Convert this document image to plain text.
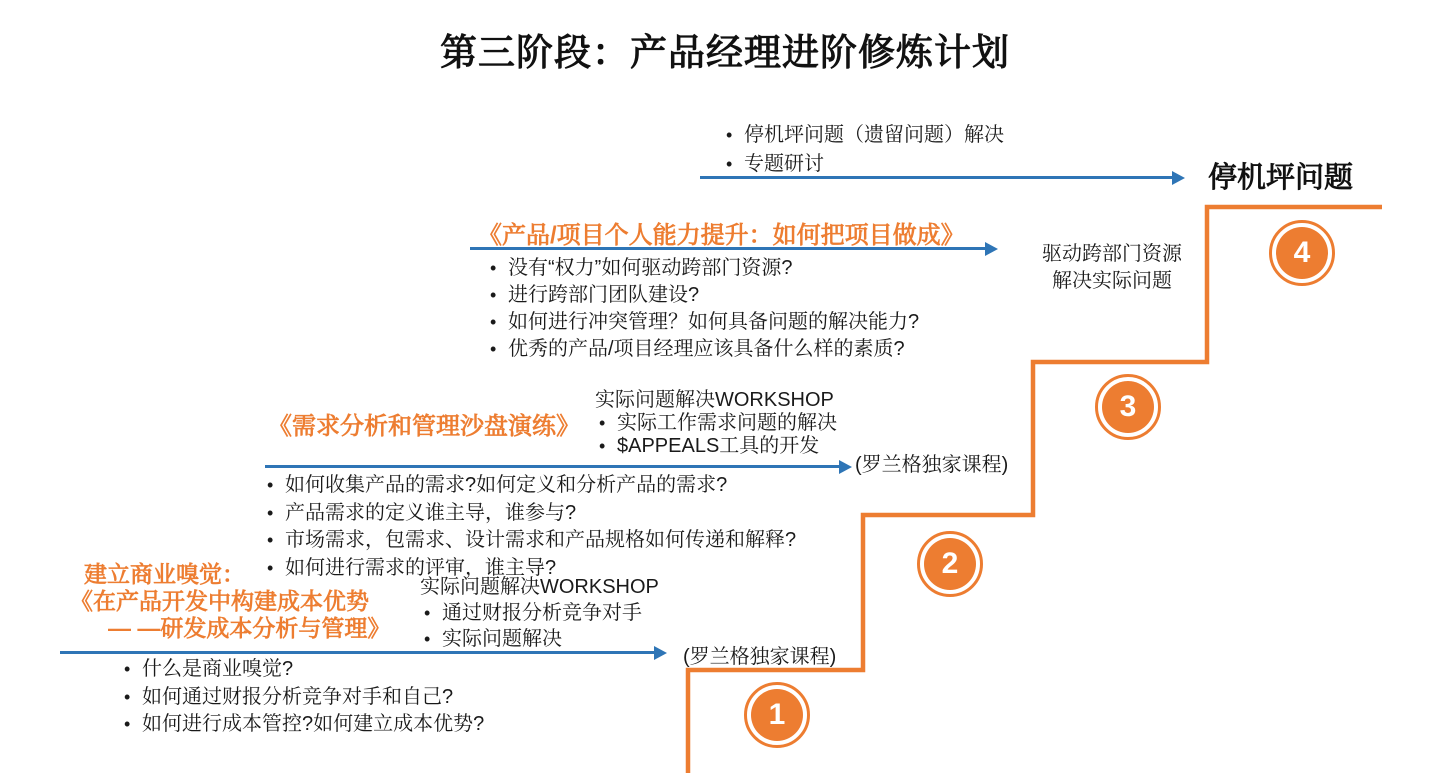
第三阶段：产品经理进阶修炼计划
• 停机坪问题（遗留问题）解决
• 专题研讨	停机坪问题
驱动跨部门资源
解决实际问题
《产品/项目个人能力提升：如何把项目做成》
• 没有“权力”如何驱动跨部门资源?
• 进行跨部门团队建设?
• 如何进行冲突管理？如何具备问题的解决能力?
• 优秀的产品/项目经理应该具备什么样的素质?
《需求分析和管理沙盘演练》
实际问题解决WORKSHOP
• 实际工作需求问题的解决
• $APPEALS工具的开发
(罗兰格独家课程)
• 如何收集产品的需求?如何定义和分析产品的需求?
• 产品需求的定义谁主导，谁参与?
• 市场需求，包需求、设计需求和产品规格如何传递和解释?
• 如何进行需求的评审，谁主导?
建立商业嗅觉：
《在产品开发中构建成本优势
— —研发成本分析与管理》
实际问题解决WORKSHOP
• 通过财报分析竞争对手
• 实际问题解决
(罗兰格独家课程)
• 什么是商业嗅觉?
• 如何通过财报分析竞争对手和自己?
• 如何进行成本管控?如何建立成本优势?	1
2
3
4
